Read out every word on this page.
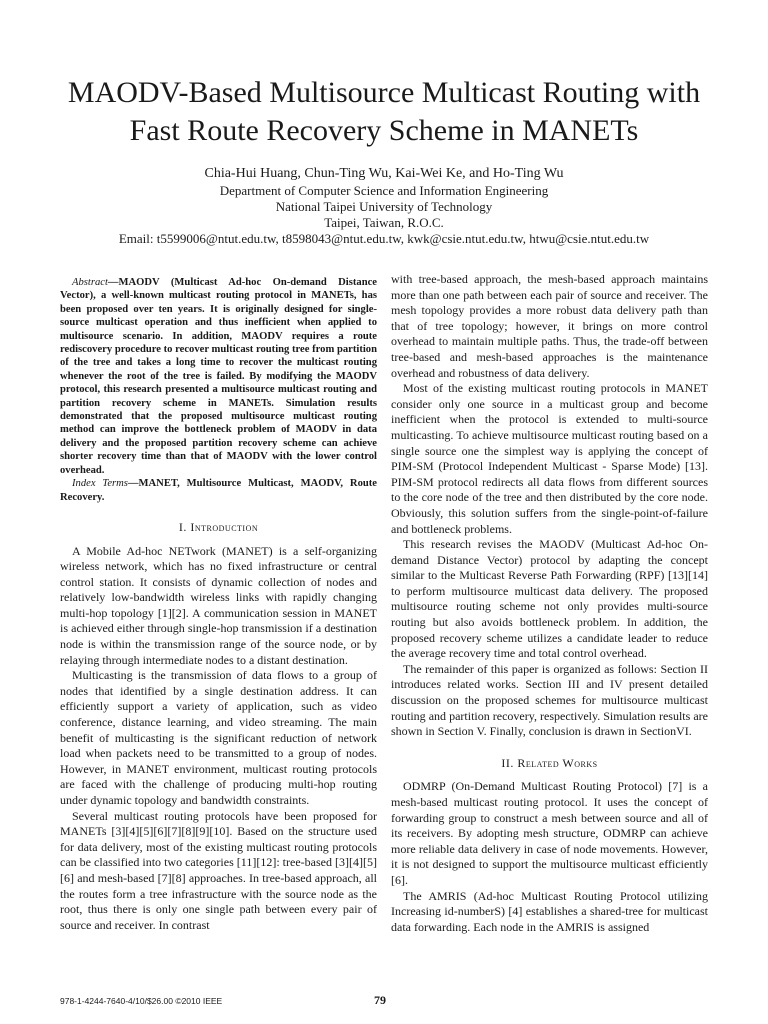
MAODV-Based Multisource Multicast Routing with
Fast Route Recovery Scheme in MANETs
Chia-Hui Huang, Chun-Ting Wu, Kai-Wei Ke, and Ho-Ting Wu
Department of Computer Science and Information Engineering
National Taipei University of Technology
Taipei, Taiwan, R.O.C.
Email: t5599006@ntut.edu.tw, t8598043@ntut.edu.tw, kwk@csie.ntut.edu.tw, htwu@csie.ntut.edu.tw

Abstract—MAODV (Multicast Ad-hoc On-demand Distance Vector), a well-known multicast routing protocol in MANETs, has been proposed over ten years. It is originally designed for single-source multicast operation and thus inefficient when applied to multisource scenario. In addition, MAODV requires a route rediscovery procedure to recover multicast routing tree from partition of the tree and takes a long time to recover the multicast routing whenever the root of the tree is failed. By modifying the MAODV protocol, this research presented a multisource multicast routing and partition recovery scheme in MANETs. Simulation results demonstrated that the proposed multisource multicast routing method can improve the bottleneck problem of MAODV in data delivery and the proposed partition recovery scheme can achieve shorter recovery time than that of MAODV with the lower control overhead.

Index Terms—MANET, Multisource Multicast, MAODV, Route Recovery.

I. Introduction

A Mobile Ad-hoc NETwork (MANET) is a self-organizing wireless network, which has no fixed infrastructure or central control station. It consists of dynamic collection of nodes and relatively low-bandwidth wireless links with rapidly changing multi-hop topology [1][2]. A communication session in MANET is achieved either through single-hop transmission if a destination node is within the transmission range of the source node, or by relaying through intermediate nodes to a distant destination.

Multicasting is the transmission of data flows to a group of nodes that identified by a single destination address. It can efficiently support a variety of application, such as video conference, distance learning, and video streaming. The main benefit of multicasting is the significant reduction of network load when packets need to be transmitted to a group of nodes. However, in MANET environment, multicast routing protocols are faced with the challenge of producing multi-hop routing under dynamic topology and bandwidth constraints.

Several multicast routing protocols have been proposed for MANETs [3][4][5][6][7][8][9][10]. Based on the structure used for data delivery, most of the existing multicast routing protocols can be classified into two categories [11][12]: tree-based [3][4][5][6] and mesh-based [7][8] approaches. In tree-based approach, all the routes form a tree infrastructure with the source node as the root, thus there is only one single path between every pair of source and receiver. In contrast

with tree-based approach, the mesh-based approach maintains more than one path between each pair of source and receiver. The mesh topology provides a more robust data delivery path than that of tree topology; however, it brings on more control overhead to maintain multiple paths. Thus, the trade-off between tree-based and mesh-based approaches is the maintenance overhead and robustness of data delivery.

Most of the existing multicast routing protocols in MANET consider only one source in a multicast group and become inefficient when the protocol is extended to multi-source multicasting. To achieve multisource multicast routing based on a single source one the simplest way is applying the concept of PIM-SM (Protocol Independent Multicast - Sparse Mode) [13]. PIM-SM protocol redirects all data flows from different sources to the core node of the tree and then distributed by the core node. Obviously, this solution suffers from the single-point-of-failure and bottleneck problems.

This research revises the MAODV (Multicast Ad-hoc On-demand Distance Vector) protocol by adapting the concept similar to the Multicast Reverse Path Forwarding (RPF) [13][14] to perform multisource multicast data delivery. The proposed multisource routing scheme not only provides multi-source routing but also avoids bottleneck problem. In addition, the proposed recovery scheme utilizes a candidate leader to reduce the average recovery time and total control overhead.

The remainder of this paper is organized as follows: Section II introduces related works. Section III and IV present detailed discussion on the proposed schemes for multisource multicast routing and partition recovery, respectively. Simulation results are shown in Section V. Finally, conclusion is drawn in SectionVI.

II. Related Works

ODMRP (On-Demand Multicast Routing Protocol) [7] is a mesh-based multicast routing protocol. It uses the concept of forwarding group to construct a mesh between source and all of its receivers. By adopting mesh structure, ODMRP can achieve more reliable data delivery in case of node movements. However, it is not designed to support the multisource multicast efficiently [6].

The AMRIS (Ad-hoc Multicast Routing Protocol utilizing Increasing id-numberS) [4] establishes a shared-tree for multicast data forwarding. Each node in the AMRIS is assigned

978-1-4244-7640-4/10/$26.00 ©2010 IEEE	79
